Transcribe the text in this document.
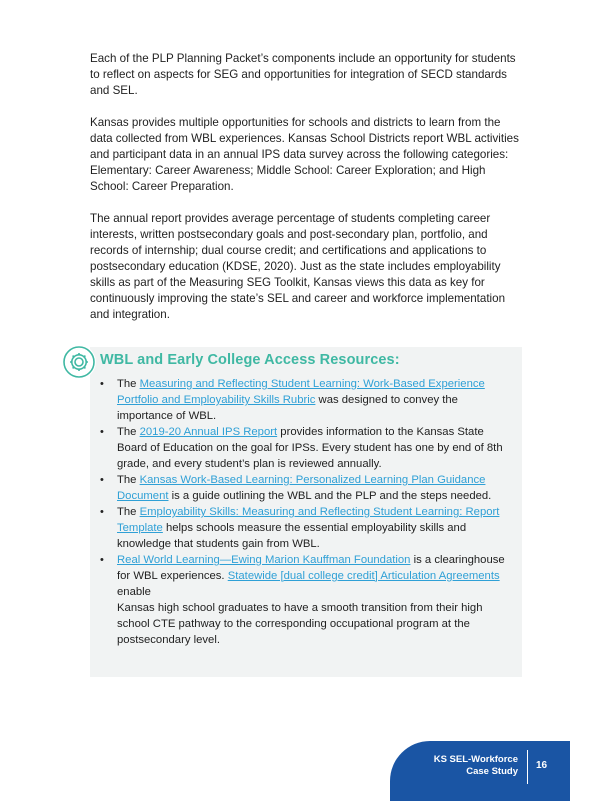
Each of the PLP Planning Packet’s components include an opportunity for students to reflect on aspects for SEG and opportunities for integration of SECD standards and SEL.

Kansas provides multiple opportunities for schools and districts to learn from the data collected from WBL experiences. Kansas School Districts report WBL activities and participant data in an annual IPS data survey across the following categories: Elementary: Career Awareness; Middle School: Career Exploration; and High School: Career Preparation.

The annual report provides average percentage of students completing career interests, written postsecondary goals and post-secondary plan, portfolio, and records of internship; dual course credit; and certifications and applications to postsecondary education (KDSE, 2020). Just as the state includes employability skills as part of the Measuring SEG Toolkit, Kansas views this data as key for continuously improving the state’s SEL and career and workforce implementation and integration.

WBL and Early College Access Resources:
• The Measuring and Reflecting Student Learning: Work-Based Experience Portfolio and Employability Skills Rubric was designed to convey the importance of WBL.
• The 2019-20 Annual IPS Report provides information to the Kansas State Board of Education on the goal for IPSs. Every student has one by end of 8th grade, and every student’s plan is reviewed annually.
• The Kansas Work-Based Learning: Personalized Learning Plan Guidance Document is a guide outlining the WBL and the PLP and the steps needed.
• The Employability Skills: Measuring and Reflecting Student Learning: Report Template helps schools measure the essential employability skills and knowledge that students gain from WBL.
• Real World Learning—Ewing Marion Kauffman Foundation is a clearinghouse for WBL experiences. Statewide [dual college credit] Articulation Agreements enable
Kansas high school graduates to have a smooth transition from their high school CTE pathway to the corresponding occupational program at the postsecondary level.
KS SEL-Workforce
Case Study
16
